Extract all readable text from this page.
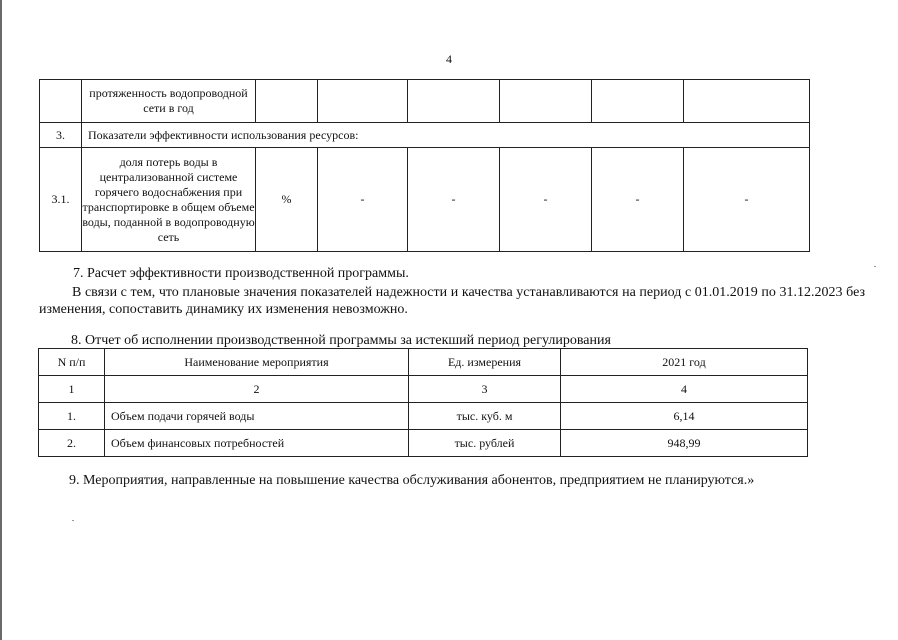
4
	протяженность водопроводной сети в год						
3.	Показатели эффективности использования ресурсов:						
3.1.	доля потерь воды в централизованной системе горячего водоснабжения при транспортировке в общем объеме воды, поданной в водопроводную сеть	%	-	-	-	-	-
7. Расчет эффективности производственной программы.
В связи с тем, что плановые значения показателей надежности и качества устанавливаются на период с 01.01.2019 по 31.12.2023 без изменения, сопоставить динамику их изменения невозможно.
8. Отчет об исполнении производственной программы за истекший период регулирования
N п/п	Наименование мероприятия	Ед. измерения	2021 год
1	2	3	4
1.	Объем подачи горячей воды	тыс. куб. м	6,14
2.	Объем финансовых потребностей	тыс. рублей	948,99
9. Мероприятия, направленные на повышение качества обслуживания абонентов, предприятием не планируются.»
